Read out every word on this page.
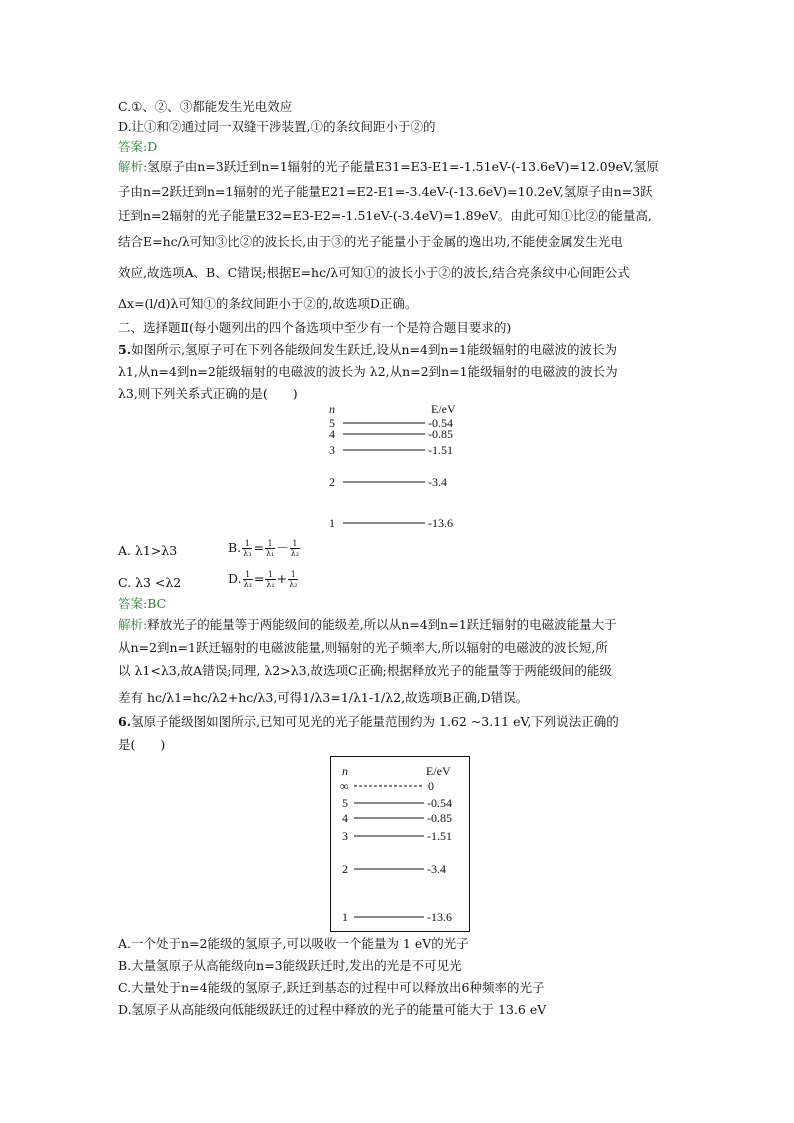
C.①、②、③都能发生光电效应
D.让①和②通过同一双缝干涉装置,①的条纹间距小于②的
答案:D
解析:氢原子由n=3跃迁到n=1辐射的光子能量E31=E3-E1=-1.51eV-(-13.6eV)=12.09eV,氢原
子由n=2跃迁到n=1辐射的光子能量E21=E2-E1=-3.4eV-(-13.6eV)=10.2eV,氢原子由n=3跃
迁到n=2辐射的光子能量E32=E3-E2=-1.51eV-(-3.4eV)=1.89eV。由此可知①比②的能量高,
结合E=hc/λ可知③比②的波长长,由于③的光子能量小于金属的逸出功,不能使金属发生光电
效应,故选项A、B、C错误;根据E=hc/λ可知①的波长小于②的波长,结合亮条纹中心间距公式
Δx=(l/d)λ可知①的条纹间距小于②的,故选项D正确。
二、选择题Ⅱ(每小题列出的四个备选项中至少有一个是符合题目要求的)
5.如图所示,氢原子可在下列各能级间发生跃迁,设从n=4到n=1能级辐射的电磁波的波长为
λ1,从n=4到n=2能级辐射的电磁波的波长为 λ2,从n=2到n=1能级辐射的电磁波的波长为
λ3,则下列关系式正确的是(　　)
n	E/eV
5	-0.54
4	-0.85
3	-1.51
2	-3.4
1	-13.6
A. λ1>λ3	B. $\frac{1}{\text{λ₃}} = \frac{1}{\text{λ₁}} - \frac{1}{\text{λ₂}}$
C. λ3 <λ2	D. $\frac{1}{\text{λ₃}} = \frac{1}{\text{λ₁}} + \frac{1}{\text{λ₂}}$
答案:BC
解析:释放光子的能量等于两能级间的能级差,所以从n=4到n=1跃迁辐射的电磁波能量大于
从n=2到n=1跃迁辐射的电磁波能量,则辐射的光子频率大,所以辐射的电磁波的波长短,所
以 λ1<λ3,故A错误;同理, λ2>λ3,故选项C正确;根据释放光子的能量等于两能级间的能级
差有 hc/λ1=hc/λ2+hc/λ3,可得1/λ3=1/λ1-1/λ2,故选项B正确,D错误。
6.氢原子能级图如图所示,已知可见光的光子能量范围约为 1.62 ~3.11 eV,下列说法正确的
是(　　)
n	E/eV
∞	0
5	-0.54
4	-0.85
3	-1.51
2	-3.4
1	-13.6
A.一个处于n=2能级的氢原子,可以吸收一个能量为 1 eV的光子
B.大量氢原子从高能级向n=3能级跃迁时,发出的光是不可见光
C.大量处于n=4能级的氢原子,跃迁到基态的过程中可以释放出6种频率的光子
D.氢原子从高能级向低能级跃迁的过程中释放的光子的能量可能大于 13.6 eV
